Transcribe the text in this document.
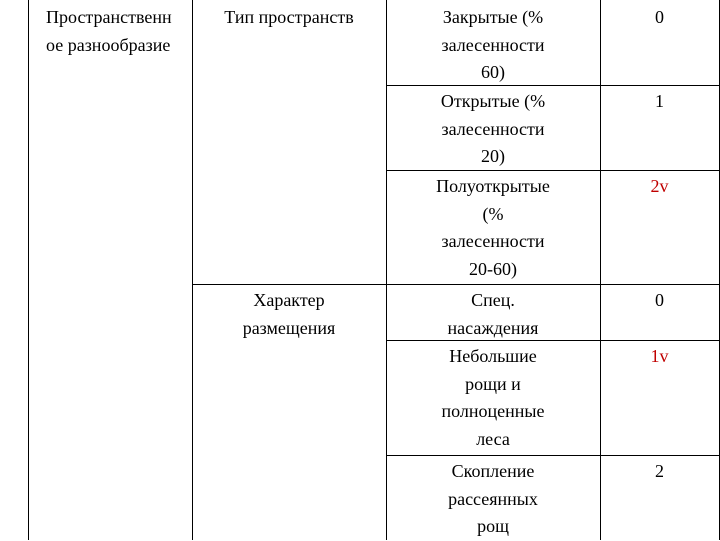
Пространственн
ое разнообразие
Тип пространств
Характер
размещения
Закрытые (%
залесенности
60)
0
Открытые (%
залесенности
20)
1
Полуоткрытые
(%
залесенности
20-60)
2v
Спец.
насаждения
0
Небольшие
рощи и
полноценные
леса
1v
Скопление
рассеянных
рощ
2
